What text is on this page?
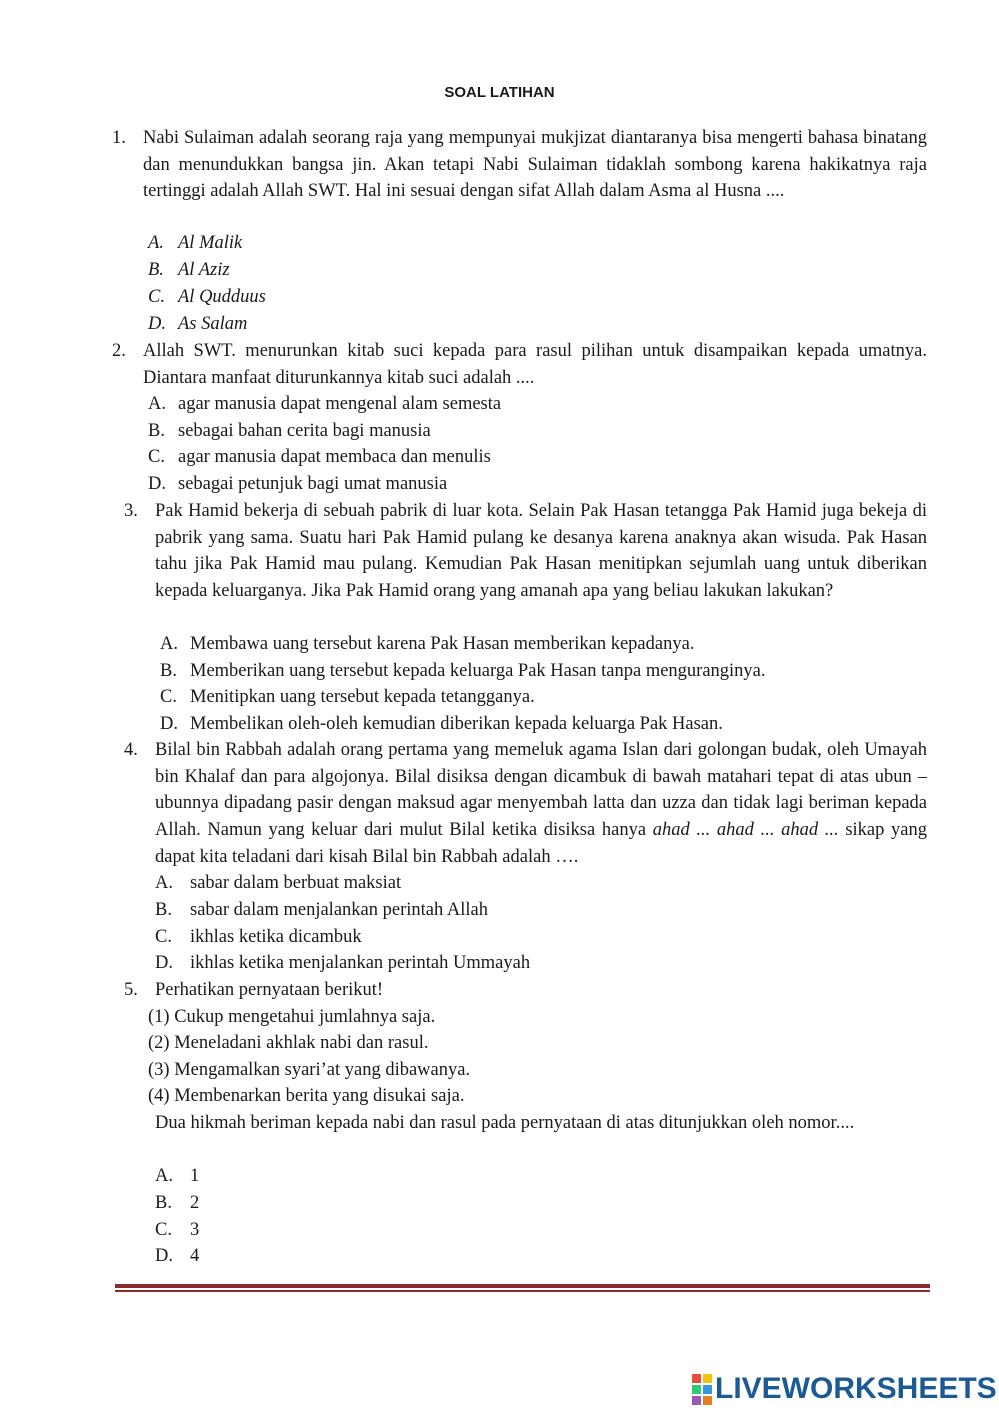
SOAL LATIHAN
1. Nabi Sulaiman adalah seorang raja yang mempunyai mukjizat diantaranya bisa mengerti bahasa binatang dan menundukkan bangsa jin. Akan tetapi Nabi Sulaiman tidaklah sombong karena hakikatnya raja tertinggi adalah Allah SWT. Hal ini sesuai dengan sifat Allah dalam Asma al Husna ....
A. Al Malik
B. Al Aziz
C. Al Qudduus
D. As Salam
2. Allah SWT. menurunkan kitab suci kepada para rasul pilihan untuk disampaikan kepada umatnya. Diantara manfaat diturunkannya kitab suci adalah ....
A. agar manusia dapat mengenal alam semesta
B. sebagai bahan cerita bagi manusia
C. agar manusia dapat membaca dan menulis
D. sebagai petunjuk bagi umat manusia
3. Pak Hamid bekerja di sebuah pabrik di luar kota. Selain Pak Hasan tetangga Pak Hamid juga bekeja di pabrik yang sama. Suatu hari Pak Hamid pulang ke desanya karena anaknya akan wisuda. Pak Hasan tahu jika Pak Hamid mau pulang. Kemudian Pak Hasan menitipkan sejumlah uang untuk diberikan kepada keluarganya. Jika Pak Hamid orang yang amanah apa yang beliau lakukan lakukan?
A. Membawa uang tersebut karena Pak Hasan memberikan kepadanya.
B. Memberikan uang tersebut kepada keluarga Pak Hasan tanpa menguranginya.
C. Menitipkan uang tersebut kepada tetangganya.
D. Membelikan oleh-oleh kemudian diberikan kepada keluarga Pak Hasan.
4. Bilal bin Rabbah adalah orang pertama yang memeluk agama Islan dari golongan budak, oleh Umayah bin Khalaf dan para algojonya. Bilal disiksa dengan dicambuk di bawah matahari tepat di atas ubun – ubunnya dipadang pasir dengan maksud agar menyembah latta dan uzza dan tidak lagi beriman kepada Allah. Namun yang keluar dari mulut Bilal ketika disiksa hanya ahad ... ahad ... ahad ... sikap yang dapat kita teladani dari kisah Bilal bin Rabbah adalah ….
A. sabar dalam berbuat maksiat
B. sabar dalam menjalankan perintah Allah
C. ikhlas ketika dicambuk
D. ikhlas ketika menjalankan perintah Ummayah
5. Perhatikan pernyataan berikut!
(1) Cukup mengetahui jumlahnya saja.
(2) Meneladani akhlak nabi dan rasul.
(3) Mengamalkan syari’at yang dibawanya.
(4) Membenarkan berita yang disukai saja.
Dua hikmah beriman kepada nabi dan rasul pada pernyataan di atas ditunjukkan oleh nomor....
A. 1
B. 2
C. 3
D. 4
LIVEWORKSHEETS
